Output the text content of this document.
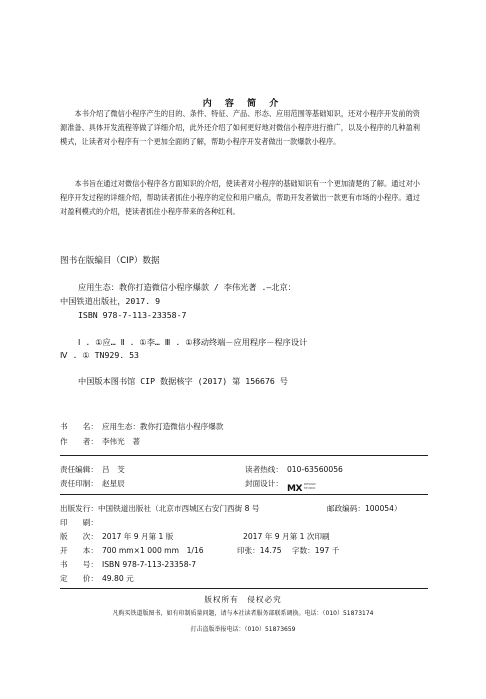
内 容 简 介
本书介绍了微信小程序产生的目的、条件、特征、产品、形态、应用范围等基础知识，还对小程序开发前的资源准备、具体开发流程等做了详细介绍，此外还介绍了如何更好地对微信小程序进行推广，以及小程序的几种盈利模式，让读者对小程序有一个更加全面的了解，帮助小程序开发者做出一款爆款小程序。
本书旨在通过对微信小程序各方面知识的介绍，使读者对小程序的基础知识有一个更加清楚的了解。通过对小程序开发过程的详细介绍，帮助读者抓住小程序的定位和用户痛点，帮助开发者做出一款更有市场的小程序。通过对盈利模式的介绍，使读者抓住小程序带来的各种红利。
图书在版编目（CIP）数据
应用生态：教你打造微信小程序爆款 / 李伟光著 .—北京：
中国铁道出版社，2017. 9
ISBN 978-7-113-23358-7
Ⅰ . ①应… Ⅱ . ①李… Ⅲ . ①移动终端－应用程序－程序设计
Ⅳ . ① TN929. 53
中国版本图书馆 CIP 数据核字 (2017) 第 156676 号
书　　名： 应用生态：教你打造微信小程序爆款
作　　者： 李伟光　著
责任编辑： 吕　芠	读者热线： 010-63560056
责任印制： 赵星辰	封面设计：
MX DESIGN
STUDIO
出版发行：中国铁道出版社（北京市西城区右安门西街 8 号	邮政编码：100054）
印　　刷：
版　　次： 2017 年 9 月第 1 版	2017 年 9 月第 1 次印刷
开　　本： 700 mm×1 000 mm　1/16	印张：14.75 字数：197 千
书　　号： ISBN 978-7-113-23358-7
定　　价： 49.80 元
版权所有　侵权必究
凡购买铁道版图书，如有印制质量问题，请与本社读者服务部联系调换。电话：（010）51873174
打击盗版举报电话：（010）51873659
